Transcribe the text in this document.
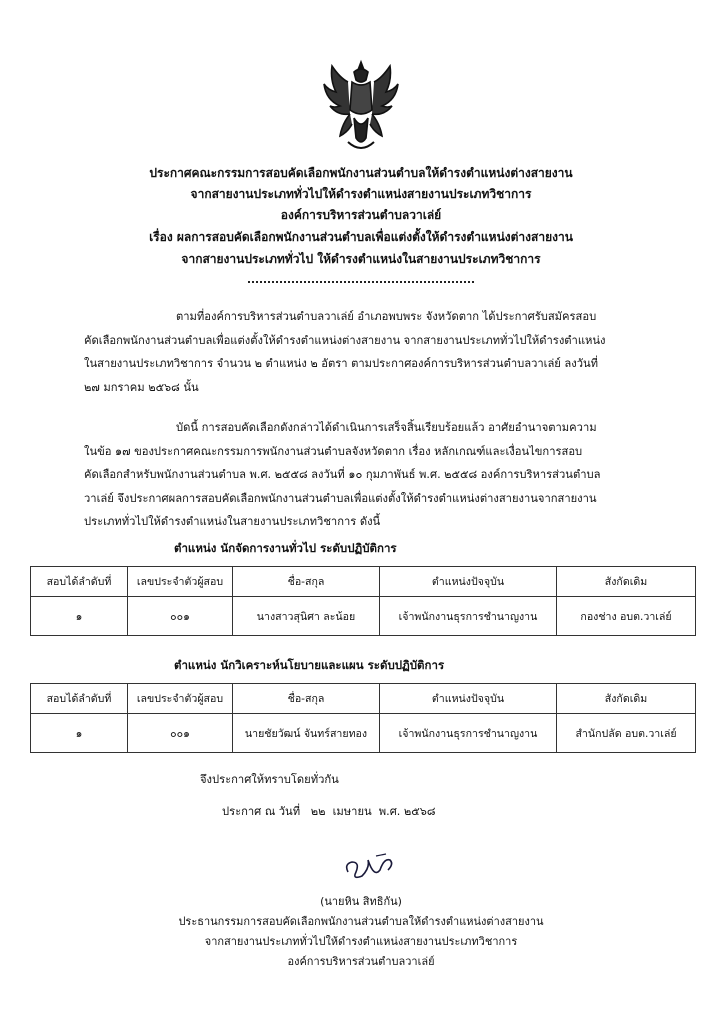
ประกาศคณะกรรมการสอบคัดเลือกพนักงานส่วนตำบลให้ดำรงตำแหน่งต่างสายงาน
จากสายงานประเภททั่วไปให้ดำรงตำแหน่งสายงานประเภทวิชาการ
องค์การบริหารส่วนตำบลวาเล่ย์
เรื่อง ผลการสอบคัดเลือกพนักงานส่วนตำบลเพื่อแต่งตั้งให้ดำรงตำแหน่งต่างสายงาน
จากสายงานประเภททั่วไป ให้ดำรงตำแหน่งในสายงานประเภทวิชาการ
ตามที่องค์การบริหารส่วนตำบลวาเล่ย์ อำเภอพบพระ จังหวัดตาก ได้ประกาศรับสมัครสอบ
คัดเลือกพนักงานส่วนตำบลเพื่อแต่งตั้งให้ดำรงตำแหน่งต่างสายงาน จากสายงานประเภททั่วไปให้ดำรงตำแหน่ง
ในสายงานประเภทวิชาการ จำนวน ๒ ตำแหน่ง ๒ อัตรา ตามประกาศองค์การบริหารส่วนตำบลวาเล่ย์ ลงวันที่
๒๗ มกราคม ๒๕๖๘ นั้น
บัดนี้ การสอบคัดเลือกดังกล่าวได้ดำเนินการเสร็จสิ้นเรียบร้อยแล้ว อาศัยอำนาจตามความ
ในข้อ ๑๗ ของประกาศคณะกรรมการพนักงานส่วนตำบลจังหวัดตาก เรื่อง หลักเกณฑ์และเงื่อนไขการสอบ
คัดเลือกสำหรับพนักงานส่วนตำบล พ.ศ. ๒๕๕๘ ลงวันที่ ๑๐ กุมภาพันธ์ พ.ศ. ๒๕๕๘ องค์การบริหารส่วนตำบล
วาเล่ย์ จึงประกาศผลการสอบคัดเลือกพนักงานส่วนตำบลเพื่อแต่งตั้งให้ดำรงตำแหน่งต่างสายงานจากสายงาน
ประเภททั่วไปให้ดำรงตำแหน่งในสายงานประเภทวิชาการ ดังนี้
ตำแหน่ง นักจัดการงานทั่วไป ระดับปฏิบัติการ
สอบได้ลำดับที่	เลขประจำตัวผู้สอบ	ชื่อ-สกุล	ตำแหน่งปัจจุบัน	สังกัดเดิม
๑	๐๐๑	นางสาวสุนิศา ละน้อย	เจ้าพนักงานธุรการชำนาญงาน	กองช่าง อบต.วาเล่ย์
ตำแหน่ง นักวิเคราะห์นโยบายและแผน ระดับปฏิบัติการ
สอบได้ลำดับที่	เลขประจำตัวผู้สอบ	ชื่อ-สกุล	ตำแหน่งปัจจุบัน	สังกัดเดิม
๑	๐๐๑	นายชัยวัฒน์ จันทร์สายทอง	เจ้าพนักงานธุรการชำนาญงาน	สำนักปลัด อบต.วาเล่ย์
จึงประกาศให้ทราบโดยทั่วกัน
ประกาศ ณ วันที่   ๒๒  เมษายน  พ.ศ. ๒๕๖๘
(นายหิน สิทธิกัน)
ประธานกรรมการสอบคัดเลือกพนักงานส่วนตำบลให้ดำรงตำแหน่งต่างสายงาน
จากสายงานประเภททั่วไปให้ดำรงตำแหน่งสายงานประเภทวิชาการ
องค์การบริหารส่วนตำบลวาเล่ย์
